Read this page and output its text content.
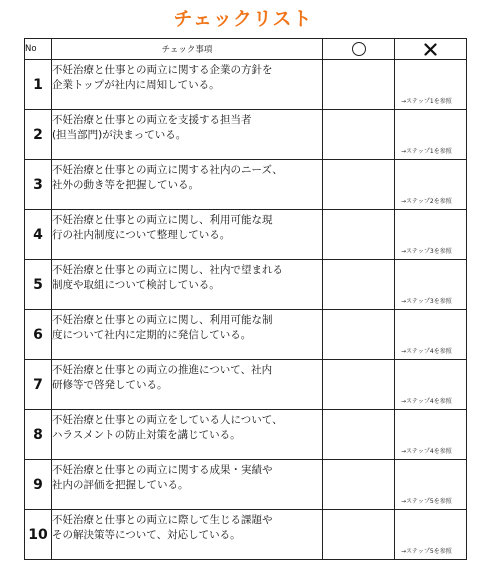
チェックリスト
No	チェック事項		
1	不妊治療と仕事との両立に関する企業の方針を
企業トップが社内に周知している。		→ステップ1を参照

2	不妊治療と仕事との両立を支援する担当者
(担当部門)が決まっている。		→ステップ1を参照

3	不妊治療と仕事との両立に関する社内のニーズ、
社外の動き等を把握している。		→ステップ2を参照

4	不妊治療と仕事との両立に関し、利用可能な現
行の社内制度について整理している。		→ステップ3を参照

5	不妊治療と仕事との両立に関し、社内で望まれる
制度や取組について検討している。		→ステップ3を参照

6	不妊治療と仕事との両立に関し、利用可能な制
度について社内に定期的に発信している。		→ステップ4を参照

7	不妊治療と仕事との両立の推進について、社内
研修等で啓発している。		→ステップ4を参照

8	不妊治療と仕事との両立をしている人について、
ハラスメントの防止対策を講じている。		→ステップ4を参照

9	不妊治療と仕事との両立に関する成果・実績や
社内の評価を把握している。		→ステップ5を参照

10	不妊治療と仕事との両立に際して生じる課題や
その解決策等について、対応している。		→ステップ5を参照
